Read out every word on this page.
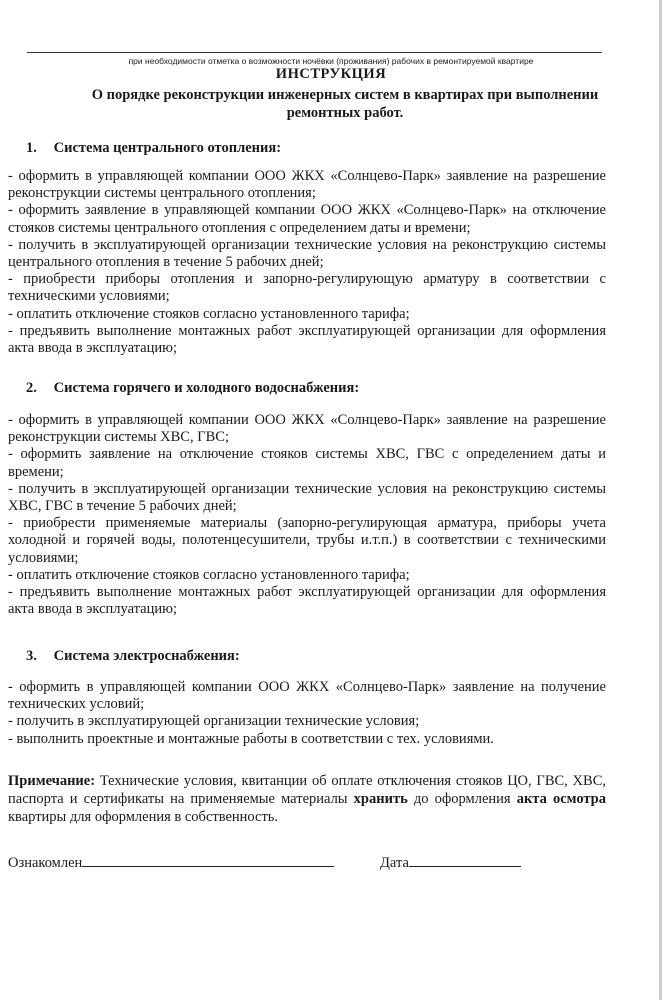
при необходимости отметка о возможности ночёвки (проживания) рабочих в ремонтируемой квартире
ИНСТРУКЦИЯ
О порядке реконструкции инженерных систем в квартирах при выполнении ремонтных работ.
1. Система центрального отопления:

- оформить в управляющей компании ООО ЖКХ «Солнцево-Парк» заявление на разрешение реконструкции системы центрального отопления;

- оформить заявление в управляющей компании ООО ЖКХ «Солнцево-Парк» на отключение стояков системы центрального отопления с определением даты и времени;

- получить в эксплуатирующей организации технические условия на реконструкцию системы центрального отопления в течение 5 рабочих дней;

- приобрести приборы отопления и запорно-регулирующую арматуру в соответствии с техническими условиями;

- оплатить отключение стояков согласно установленного тарифа;

- предъявить выполнение монтажных работ эксплуатирующей организации для оформления акта ввода в эксплуатацию;

2. Система горячего и холодного водоснабжения:

- оформить в управляющей компании ООО ЖКХ «Солнцево-Парк» заявление на разрешение реконструкции системы ХВС, ГВС;

- оформить заявление на отключение стояков системы ХВС, ГВС с определением даты и времени;

- получить в эксплуатирующей организации технические условия на реконструкцию системы ХВС, ГВС в течение 5 рабочих дней;

- приобрести применяемые материалы (запорно-регулирующая арматура, приборы учета холодной и горячей воды, полотенцесушители, трубы и.т.п.) в соответствии с техническими условиями;

- оплатить отключение стояков согласно установленного тарифа;

- предъявить выполнение монтажных работ эксплуатирующей организации для оформления акта ввода в эксплуатацию;

3. Система электроснабжения:

- оформить в управляющей компании ООО ЖКХ «Солнцево-Парк» заявление на получение технических условий;

- получить в эксплуатирующей организации технические условия;

- выполнить проектные и монтажные работы в соответствии с тех. условиями.

Примечание: Технические условия, квитанции об оплате отключения стояков ЦО, ГВС, ХВС, паспорта и сертификаты на применяемые материалы хранить до оформления акта осмотра квартиры для оформления в собственность.
Ознакомлен	Дата
